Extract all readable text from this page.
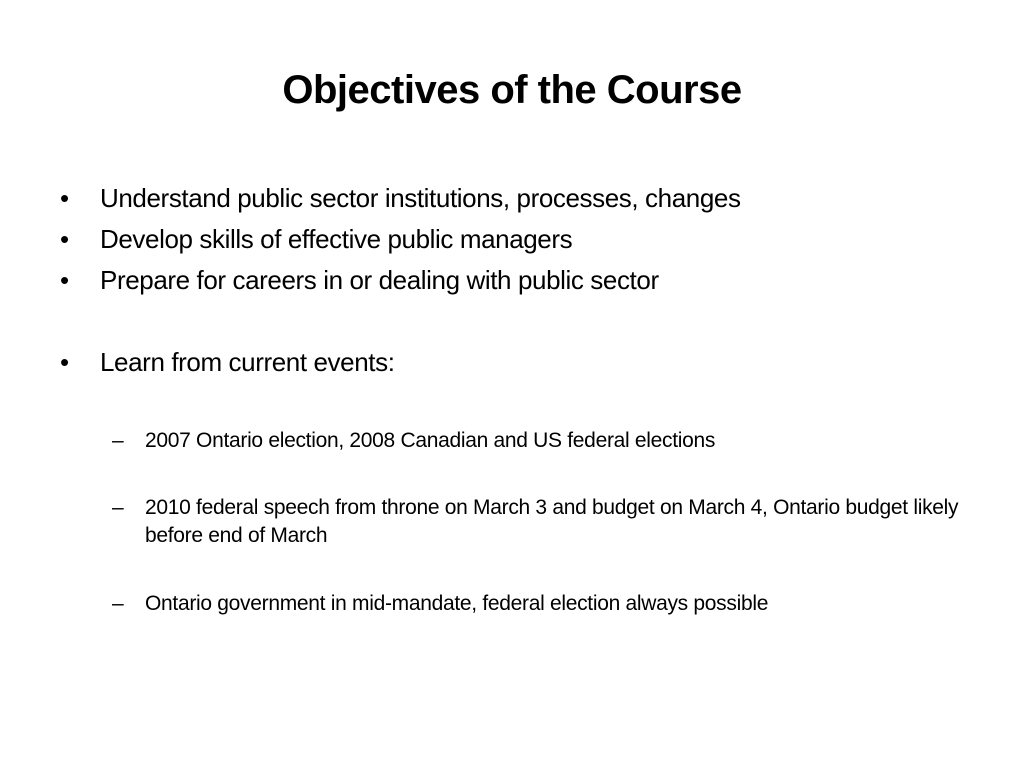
Objectives of the Course
•	Understand public sector institutions, processes, changes
•	Develop skills of effective public managers
•	Prepare for careers in or dealing with public sector
•	Learn from current events:
– 2007 Ontario election, 2008 Canadian and US federal elections
– 2010 federal speech from throne on March 3 and budget on March 4, Ontario budget likely before end of March
– Ontario government in mid-mandate, federal election always possible
